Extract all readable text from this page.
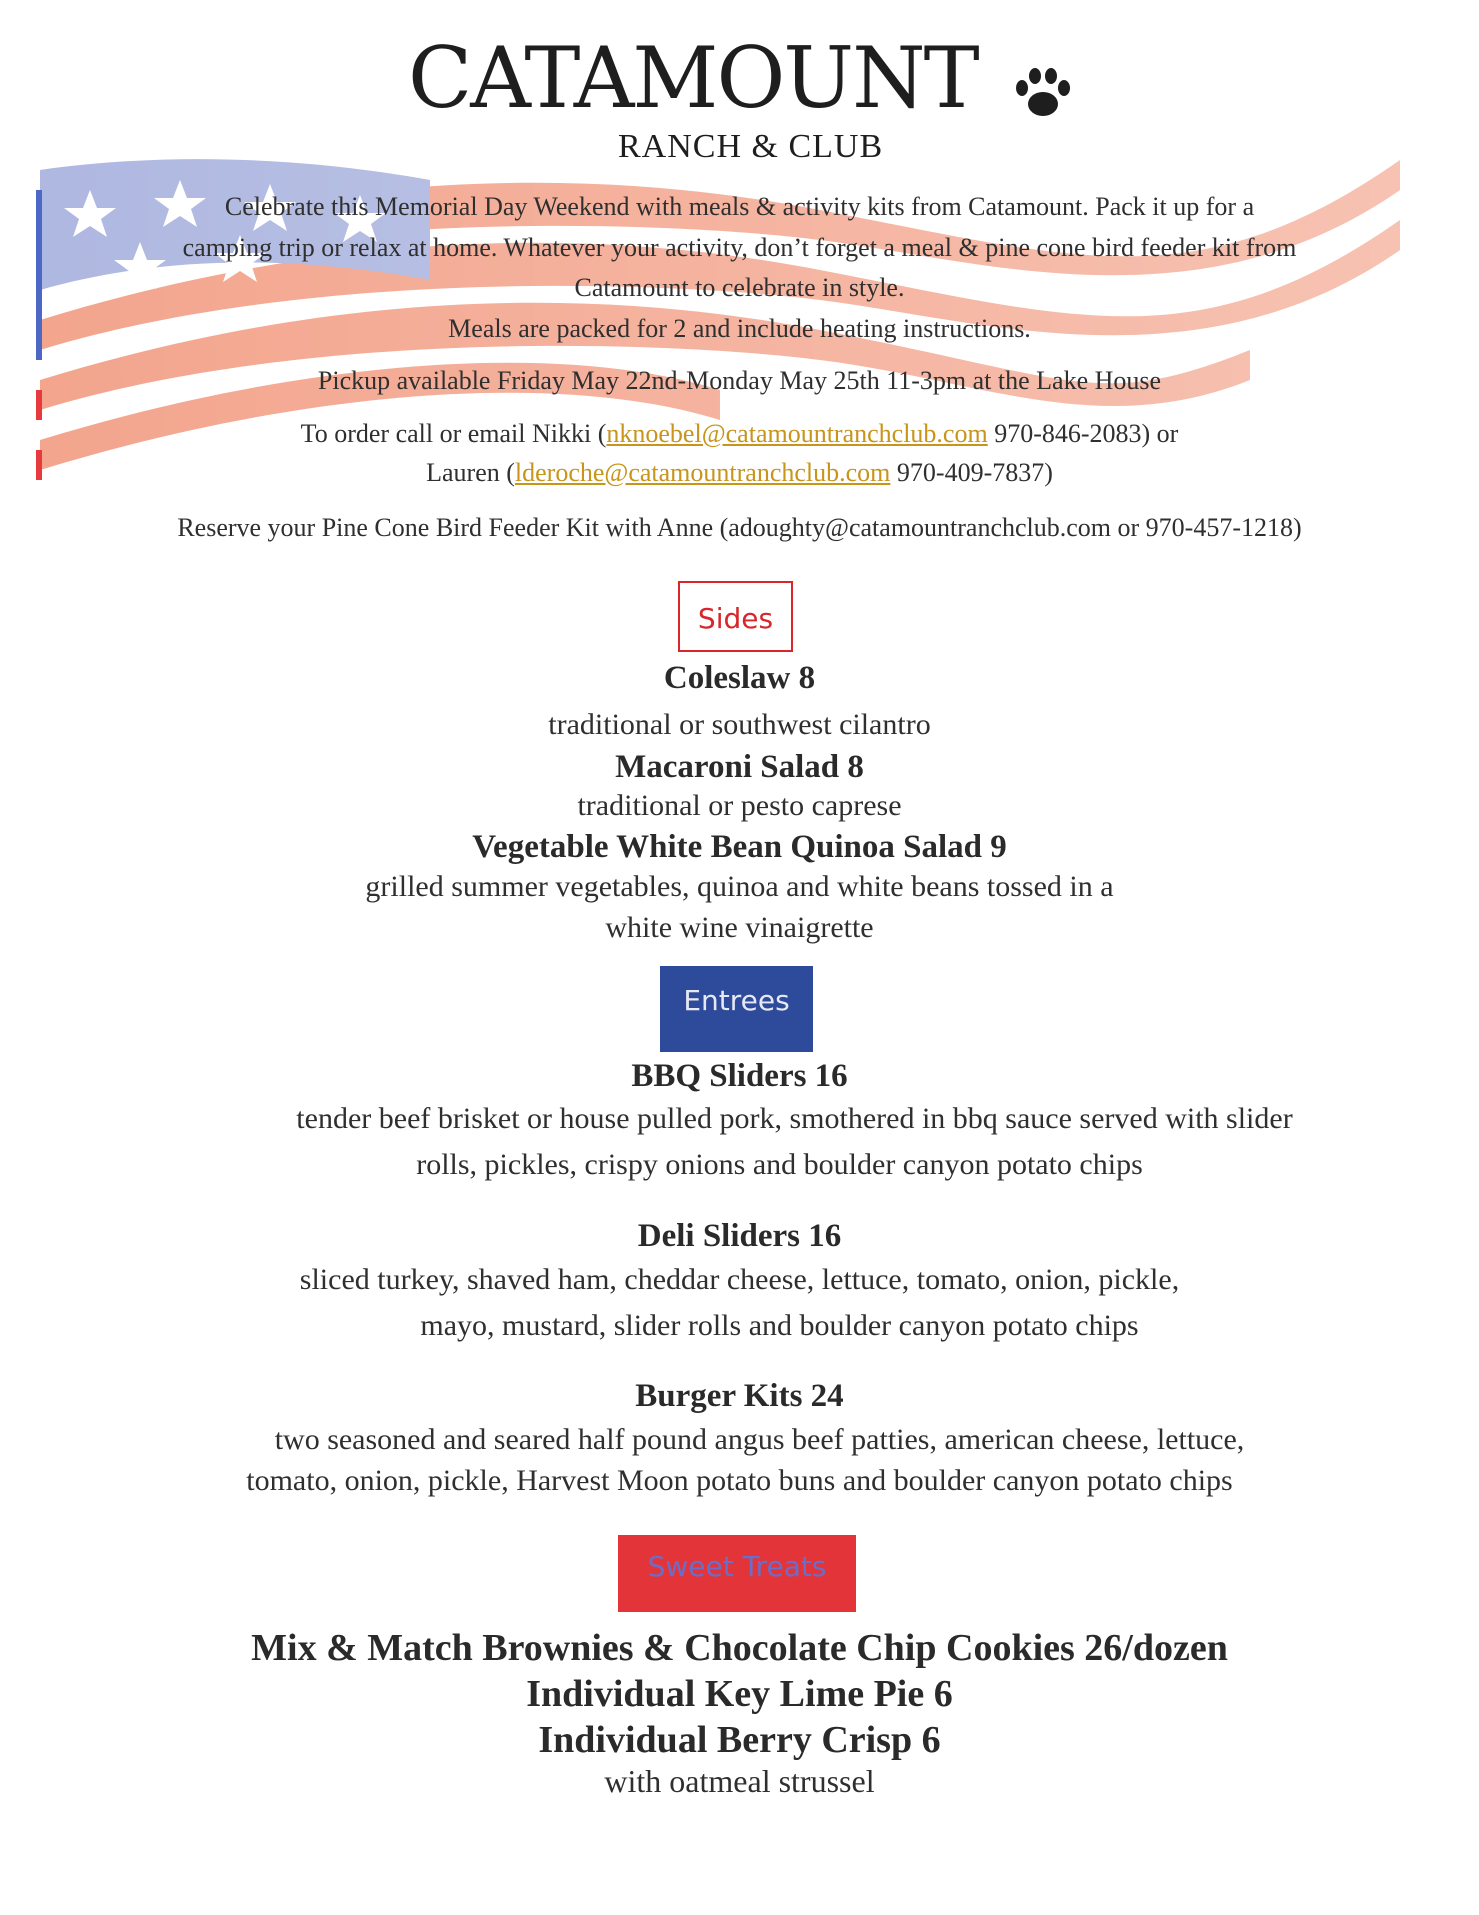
CATAMOUNT
RANCH & CLUB
Celebrate this Memorial Day Weekend with meals & activity kits from Catamount. Pack it up for a
camping trip or relax at home. Whatever your activity, don’t forget a meal & pine cone bird feeder kit from
Catamount to celebrate in style.
Meals are packed for 2 and include heating instructions.
Pickup available Friday May 22nd-Monday May 25th 11-3pm at the Lake House
To order call or email Nikki (nknoebel@catamountranchclub.com 970-846-2083) or
Lauren (lderoche@catamountranchclub.com 970-409-7837)
Reserve your Pine Cone Bird Feeder Kit with Anne (adoughty@catamountranchclub.com or 970-457-1218)
Sides
Coleslaw 8
traditional or southwest cilantro
Macaroni Salad 8
traditional or pesto caprese
Vegetable White Bean Quinoa Salad 9
grilled summer vegetables, quinoa and white beans tossed in a
white wine vinaigrette
Entrees
BBQ Sliders 16
tender beef brisket or house pulled pork, smothered in bbq sauce served with slider
rolls, pickles, crispy onions and boulder canyon potato chips
Deli Sliders 16
sliced turkey, shaved ham, cheddar cheese, lettuce, tomato, onion, pickle,
mayo, mustard, slider rolls and boulder canyon potato chips
Burger Kits 24
two seasoned and seared half pound angus beef patties, american cheese, lettuce,
tomato, onion, pickle, Harvest Moon potato buns and boulder canyon potato chips
Sweet Treats
Mix & Match Brownies & Chocolate Chip Cookies 26/dozen
Individual Key Lime Pie 6
Individual Berry Crisp 6
with oatmeal strussel
